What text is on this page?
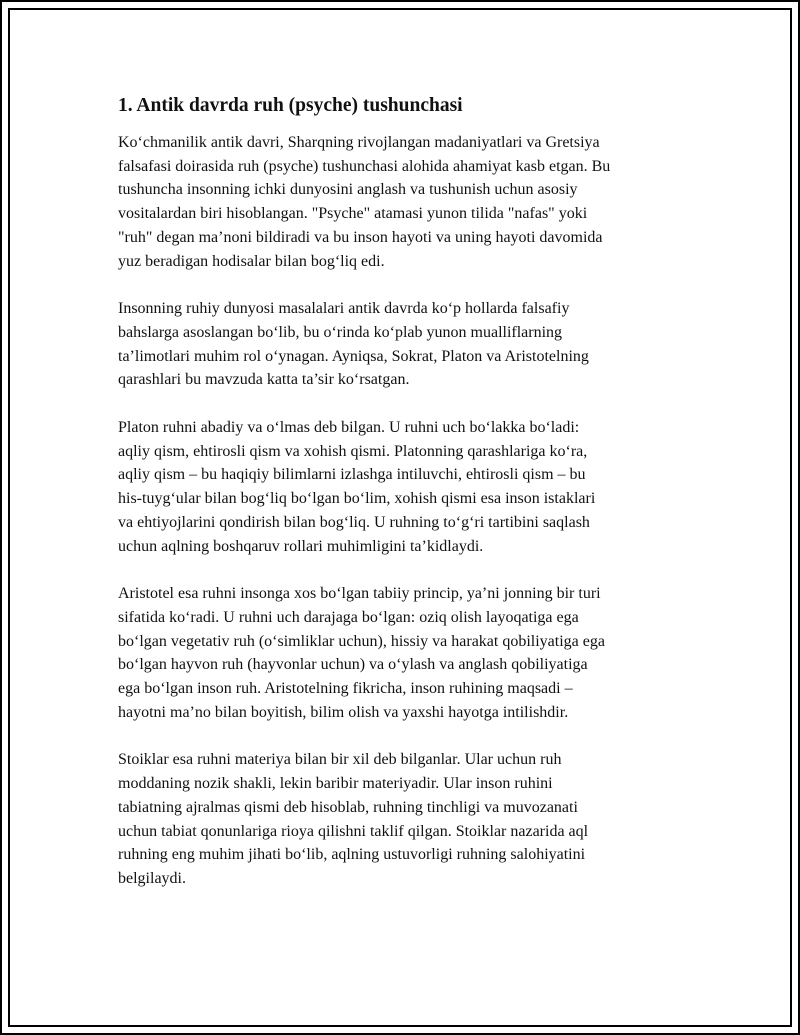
1. Antik davrda ruh (psyche) tushunchasi

Ko‘chmanilik antik davri, Sharqning rivojlangan madaniyatlari va Gretsiya
falsafasi doirasida ruh (psyche) tushunchasi alohida ahamiyat kasb etgan. Bu
tushuncha insonning ichki dunyosini anglash va tushunish uchun asosiy
vositalardan biri hisoblangan. "Psyche" atamasi yunon tilida "nafas" yoki
"ruh" degan ma’noni bildiradi va bu inson hayoti va uning hayoti davomida
yuz beradigan hodisalar bilan bog‘liq edi.

Insonning ruhiy dunyosi masalalari antik davrda ko‘p hollarda falsafiy
bahslarga asoslangan bo‘lib, bu o‘rinda ko‘plab yunon mualliflarning
ta’limotlari muhim rol o‘ynagan. Ayniqsa, Sokrat, Platon va Aristotelning
qarashlari bu mavzuda katta ta’sir ko‘rsatgan.

Platon ruhni abadiy va o‘lmas deb bilgan. U ruhni uch bo‘lakka bo‘ladi:
aqliy qism, ehtirosli qism va xohish qismi. Platonning qarashlariga ko‘ra,
aqliy qism – bu haqiqiy bilimlarni izlashga intiluvchi, ehtirosli qism – bu
his-tuyg‘ular bilan bog‘liq bo‘lgan bo‘lim, xohish qismi esa inson istaklari
va ehtiyojlarini qondirish bilan bog‘liq. U ruhning to‘g‘ri tartibini saqlash
uchun aqlning boshqaruv rollari muhimligini ta’kidlaydi.

Aristotel esa ruhni insonga xos bo‘lgan tabiiy princip, ya’ni jonning bir turi
sifatida ko‘radi. U ruhni uch darajaga bo‘lgan: oziq olish layoqatiga ega
bo‘lgan vegetativ ruh (o‘simliklar uchun), hissiy va harakat qobiliyatiga ega
bo‘lgan hayvon ruh (hayvonlar uchun) va o‘ylash va anglash qobiliyatiga
ega bo‘lgan inson ruh. Aristotelning fikricha, inson ruhining maqsadi –
hayotni ma’no bilan boyitish, bilim olish va yaxshi hayotga intilishdir.

Stoiklar esa ruhni materiya bilan bir xil deb bilganlar. Ular uchun ruh
moddaning nozik shakli, lekin baribir materiyadir. Ular inson ruhini
tabiatning ajralmas qismi deb hisoblab, ruhning tinchligi va muvozanati
uchun tabiat qonunlariga rioya qilishni taklif qilgan. Stoiklar nazarida aql
ruhning eng muhim jihati bo‘lib, aqlning ustuvorligi ruhning salohiyatini
belgilaydi.
